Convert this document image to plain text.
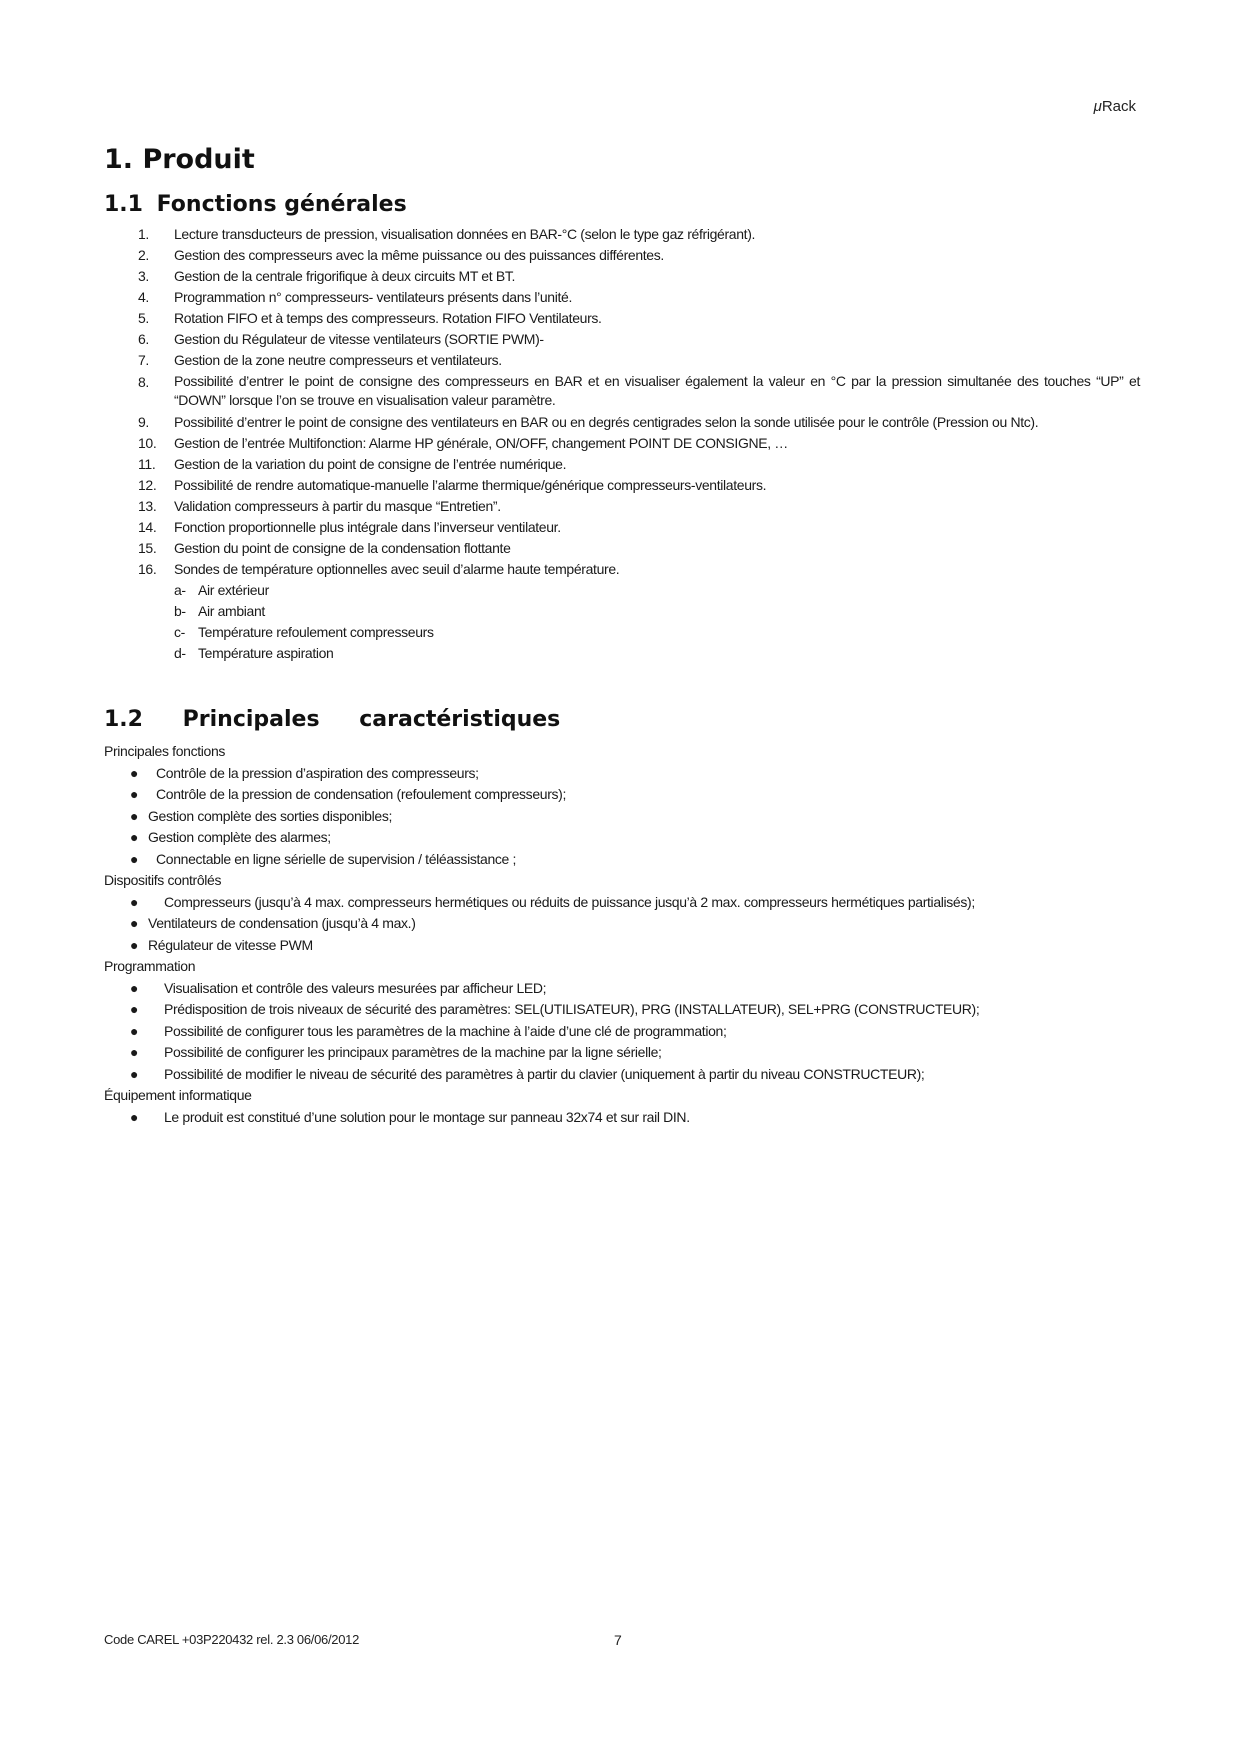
μRack
1. Produit
1.1 Fonctions générales
1.	Lecture transducteurs de pression, visualisation données en BAR-°C (selon le type gaz réfrigérant).
2.	Gestion des compresseurs avec la même puissance ou des puissances différentes.
3.	Gestion de la centrale frigorifique à deux circuits MT et BT.
4.	Programmation n° compresseurs- ventilateurs présents dans l’unité.
5.	Rotation FIFO et à temps des compresseurs. Rotation FIFO Ventilateurs.
6.	Gestion du Régulateur de vitesse ventilateurs (SORTIE PWM)-
7.	Gestion de la zone neutre compresseurs et ventilateurs.
8.	Possibilité d’entrer le point de consigne des compresseurs en BAR et en visualiser également la valeur en °C par la pression simultanée des touches “UP” et “DOWN” lorsque l’on se trouve en visualisation valeur paramètre.
9.	Possibilité d’entrer le point de consigne des ventilateurs en BAR ou en degrés centigrades selon la sonde utilisée pour le contrôle (Pression ou Ntc).
10.	Gestion de l’entrée Multifonction: Alarme HP générale, ON/OFF, changement POINT DE CONSIGNE, …
11.	Gestion de la variation du point de consigne de l’entrée numérique.
12.	Possibilité de rendre automatique-manuelle l’alarme thermique/générique compresseurs-ventilateurs.
13.	Validation compresseurs à partir du masque “Entretien”.
14.	Fonction proportionnelle plus intégrale dans l’inverseur ventilateur.
15.	Gestion du point de consigne de la condensation flottante
16.	Sondes de température optionnelles avec seuil d’alarme haute température.
a- Air extérieur
b- Air ambiant
c- Température refoulement compresseurs
d- Température aspiration
1.2 Principales caractéristiques

Principales fonctions

● Contrôle de la pression d’aspiration des compresseurs;
● Contrôle de la pression de condensation (refoulement compresseurs);
● Gestion complète des sorties disponibles;
● Gestion complète des alarmes;
● Connectable en ligne sérielle de supervision / téléassistance ;

Dispositifs contrôlés

● Compresseurs (jusqu’à 4 max. compresseurs hermétiques ou réduits de puissance jusqu’à 2 max. compresseurs hermétiques partialisés);
● Ventilateurs de condensation (jusqu’à 4 max.)
● Régulateur de vitesse PWM

Programmation

● Visualisation et contrôle des valeurs mesurées par afficheur LED;
● Prédisposition de trois niveaux de sécurité des paramètres: SEL(UTILISATEUR), PRG (INSTALLATEUR), SEL+PRG (CONSTRUCTEUR);
● Possibilité de configurer tous les paramètres de la machine à l’aide d’une clé de programmation;
● Possibilité de configurer les principaux paramètres de la machine par la ligne sérielle;
● Possibilité de modifier le niveau de sécurité des paramètres à partir du clavier (uniquement à partir du niveau CONSTRUCTEUR);

Équipement informatique

● Le produit est constitué d’une solution pour le montage sur panneau 32x74 et sur rail DIN.
Code CAREL +03P220432 rel. 2.3 06/06/2012	7
